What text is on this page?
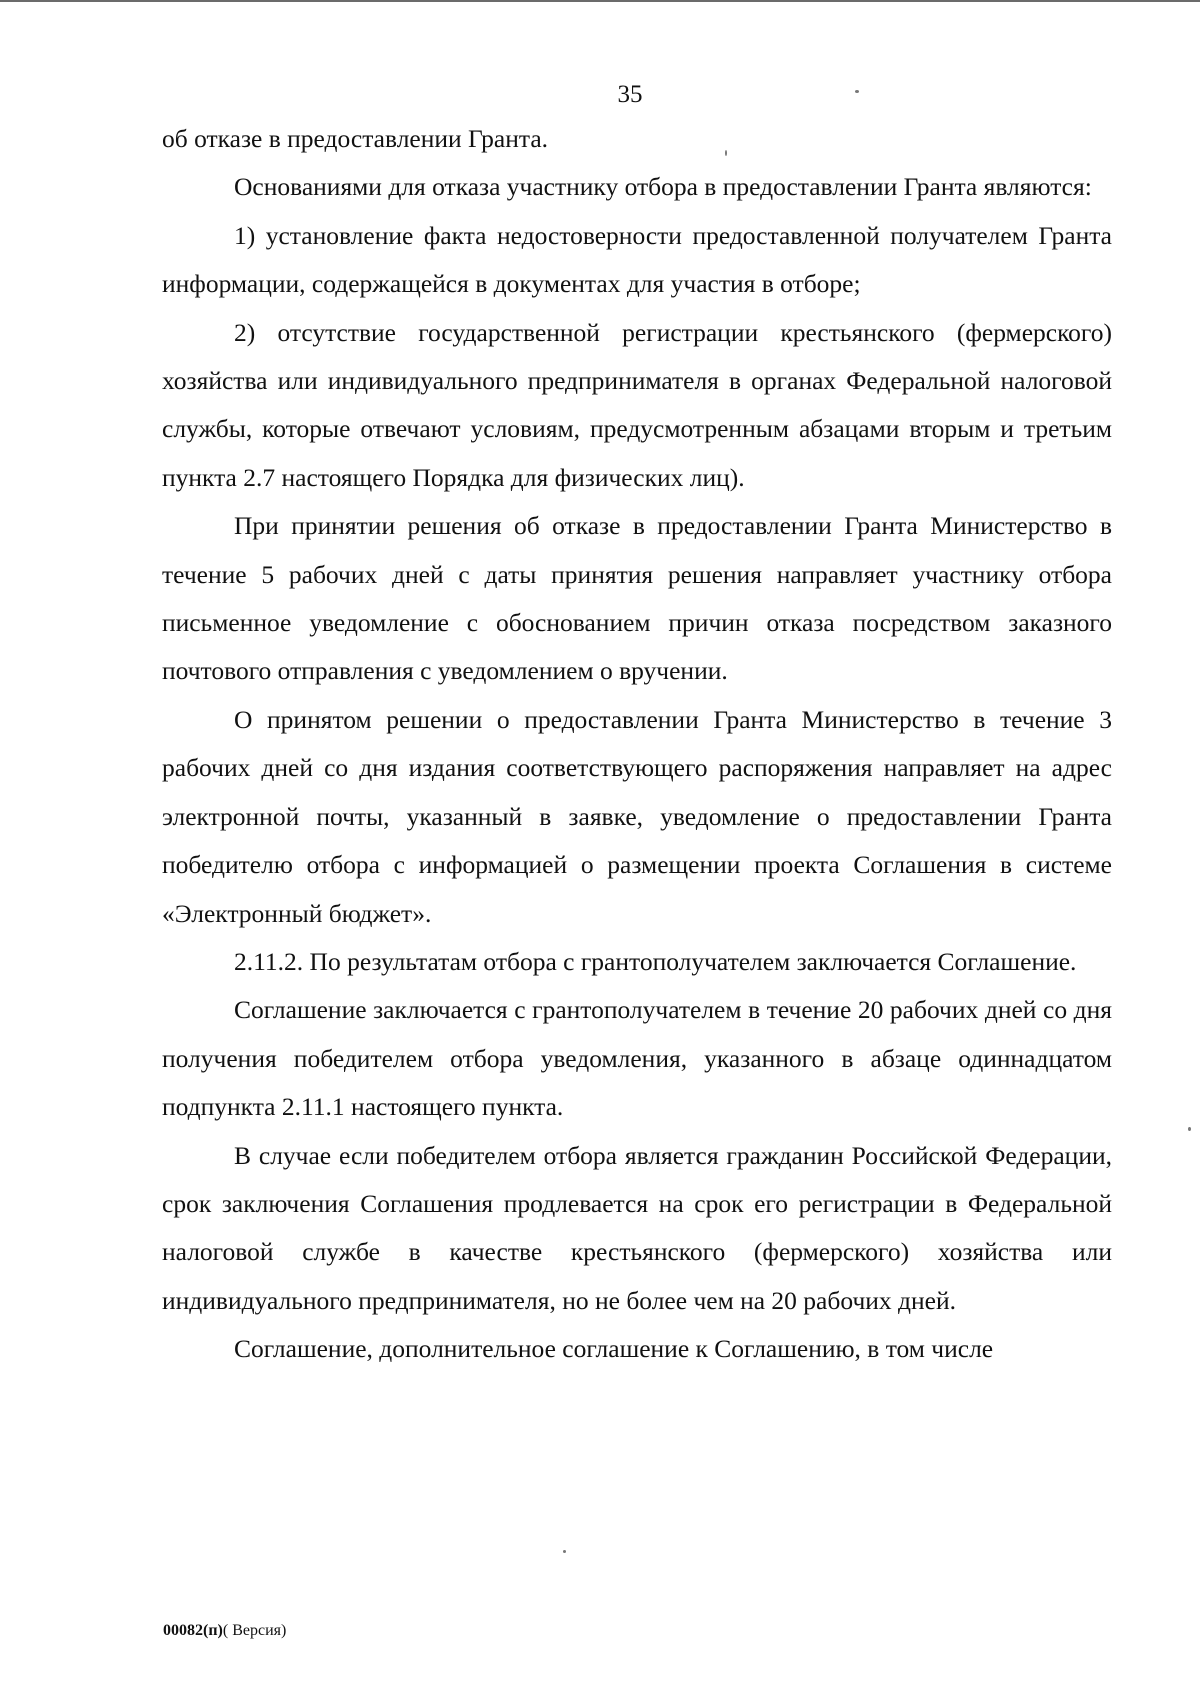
35

об отказе в предоставлении Гранта.

Основаниями для отказа участнику отбора в предоставлении Гранта являются:

1) установление факта недостоверности предоставленной получателем Гранта информации, содержащейся в документах для участия в отборе;

2) отсутствие государственной регистрации крестьянского (фермерского) хозяйства или индивидуального предпринимателя в органах Федеральной налоговой службы, которые отвечают условиям, предусмотренным абзацами вторым и третьим пункта 2.7 настоящего Порядка для физических лиц).

При принятии решения об отказе в предоставлении Гранта Министерство в течение 5 рабочих дней с даты принятия решения направляет участнику отбора письменное уведомление с обоснованием причин отказа посредством заказного почтового отправления с уведомлением о вручении.

О принятом решении о предоставлении Гранта Министерство в течение 3 рабочих дней со дня издания соответствующего распоряжения направляет на адрес электронной почты, указанный в заявке, уведомление о предоставлении Гранта победителю отбора с информацией о размещении проекта Соглашения в системе «Электронный бюджет».

2.11.2. По результатам отбора с грантополучателем заключается Соглашение.

Соглашение заключается с грантополучателем в течение 20 рабочих дней со дня получения победителем отбора уведомления, указанного в абзаце одиннадцатом подпункта 2.11.1 настоящего пункта.

В случае если победителем отбора является гражданин Российской Федерации, срок заключения Соглашения продлевается на срок его регистрации в Федеральной налоговой службе в качестве крестьянского (фермерского) хозяйства или индивидуального предпринимателя, но не более чем на 20 рабочих дней.

Соглашение, дополнительное соглашение к Соглашению, в том числе

00082(п)( Версия)
